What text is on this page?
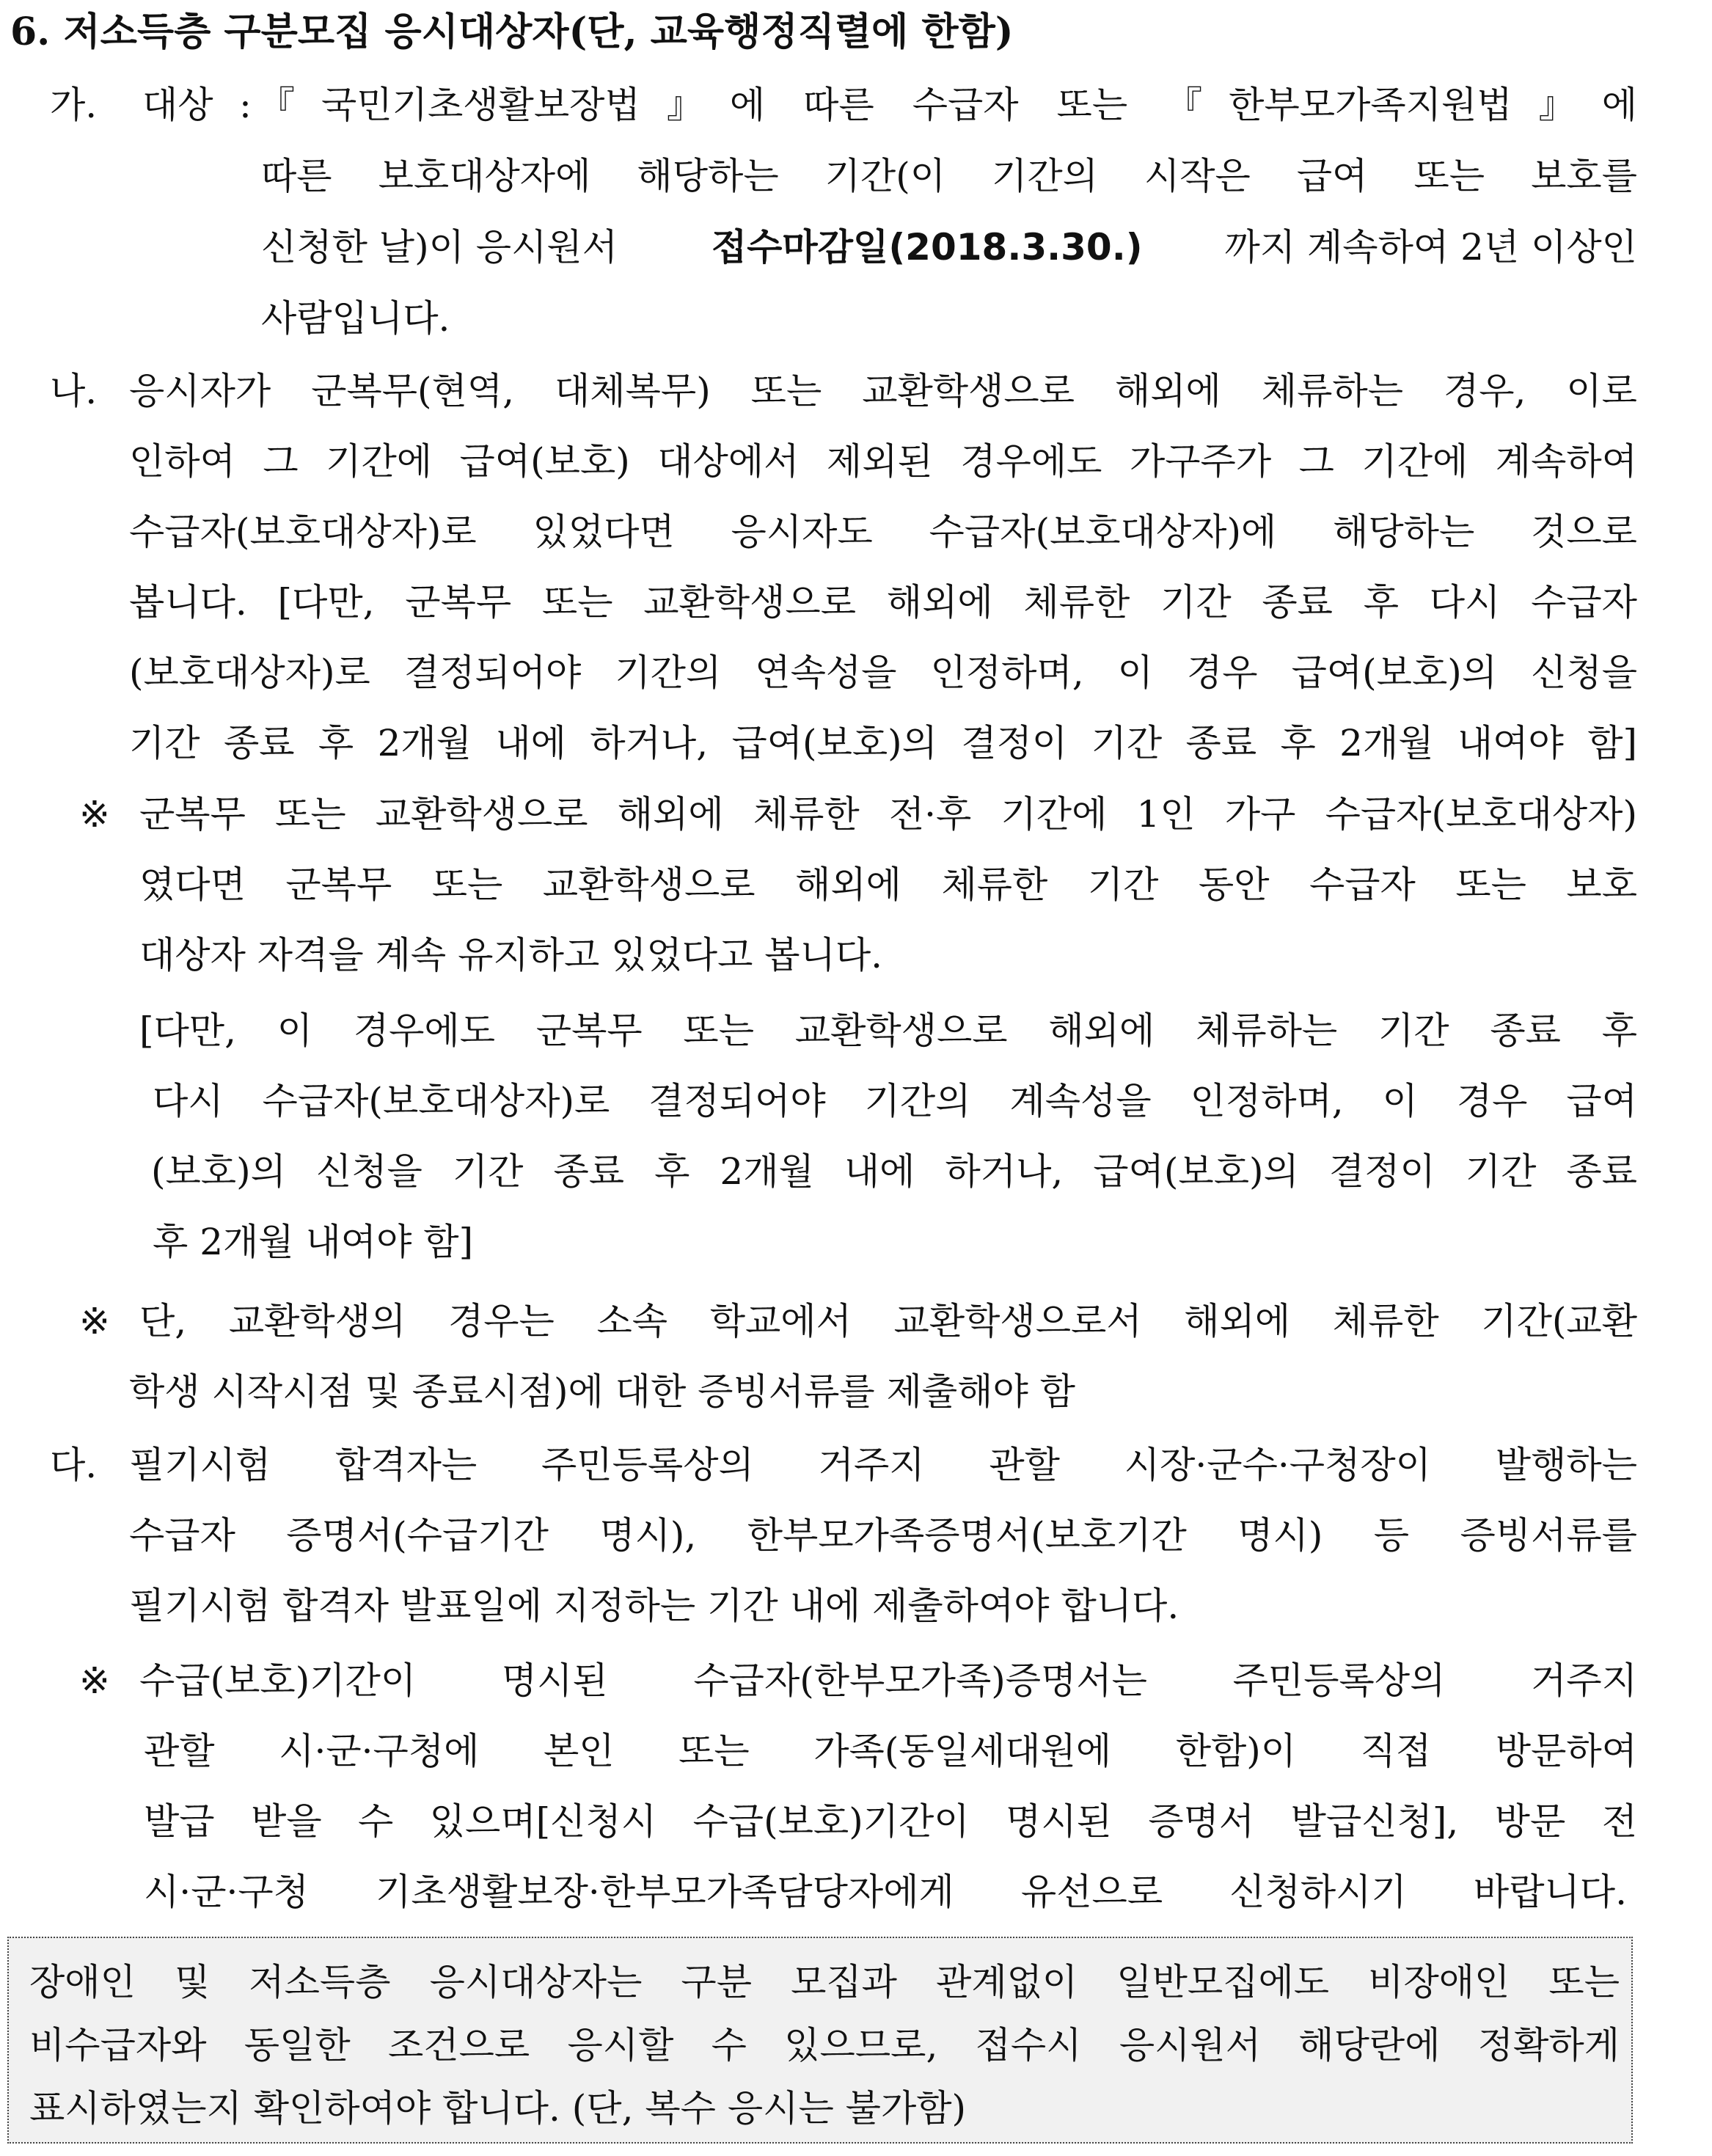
6. 저소득층 구분모집 응시대상자(단, 교육행정직렬에 한함)
가. 대상 : 『국민기초생활보장법』에 따른 수급자 또는 『한부모가족지원법』에
따른 보호대상자에 해당하는 기간(이 기간의 시작은 급여 또는 보호를
신청한 날)이 응시원서 접수마감일(2018.3.30.) 까지 계속하여 2년 이상인
사람입니다.
나. 응시자가 군복무(현역, 대체복무) 또는 교환학생으로 해외에 체류하는 경우, 이로
인하여 그 기간에 급여(보호) 대상에서 제외된 경우에도 가구주가 그 기간에 계속하여
수급자(보호대상자)로 있었다면 응시자도 수급자(보호대상자)에 해당하는 것으로
봅니다. [다만, 군복무 또는 교환학생으로 해외에 체류한 기간 종료 후 다시 수급자
(보호대상자)로 결정되어야 기간의 연속성을 인정하며, 이 경우 급여(보호)의 신청을
기간 종료 후 2개월 내에 하거나, 급여(보호)의 결정이 기간 종료 후 2개월 내여야 함]
※ 군복무 또는 교환학생으로 해외에 체류한 전·후 기간에 1인 가구 수급자(보호대상자)
였다면 군복무 또는 교환학생으로 해외에 체류한 기간 동안 수급자 또는 보호
대상자 자격을 계속 유지하고 있었다고 봅니다.
[다만, 이 경우에도 군복무 또는 교환학생으로 해외에 체류하는 기간 종료 후
다시 수급자(보호대상자)로 결정되어야 기간의 계속성을 인정하며, 이 경우 급여
(보호)의 신청을 기간 종료 후 2개월 내에 하거나, 급여(보호)의 결정이 기간 종료
후 2개월 내여야 함]
※ 단, 교환학생의 경우는 소속 학교에서 교환학생으로서 해외에 체류한 기간(교환
학생 시작시점 및 종료시점)에 대한 증빙서류를 제출해야 함
다. 필기시험 합격자는 주민등록상의 거주지 관할 시장·군수·구청장이 발행하는
수급자 증명서(수급기간 명시), 한부모가족증명서(보호기간 명시) 등 증빙서류를
필기시험 합격자 발표일에 지정하는 기간 내에 제출하여야 합니다.
※ 수급(보호)기간이 명시된 수급자(한부모가족)증명서는 주민등록상의 거주지
관할 시·군·구청에 본인 또는 가족(동일세대원에 한함)이 직접 방문하여
발급 받을 수 있으며[신청시 수급(보호)기간이 명시된 증명서 발급신청], 방문 전
시·군·구청 기초생활보장·한부모가족담당자에게 유선으로 신청하시기 바랍니다.
장애인 및 저소득층 응시대상자는 구분 모집과 관계없이 일반모집에도 비장애인 또는
비수급자와 동일한 조건으로 응시할 수 있으므로, 접수시 응시원서 해당란에 정확하게
표시하였는지 확인하여야 합니다. (단, 복수 응시는 불가함)
